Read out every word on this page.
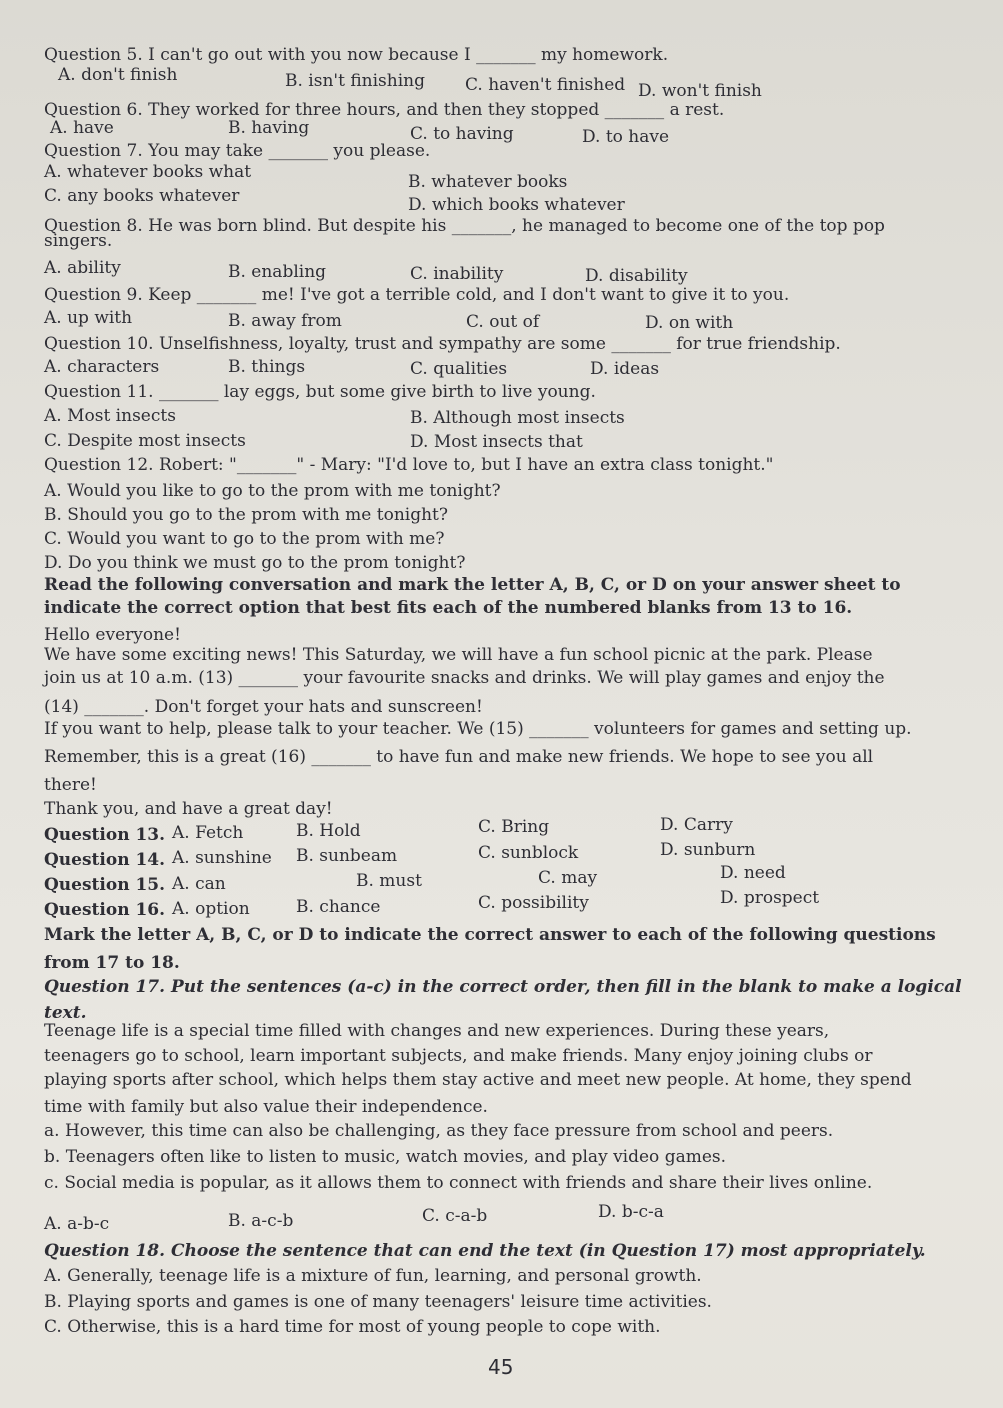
Question 5. I can't go out with you now because I _______ my homework.
A. don't finish	B. isn't finishing C. haven't finished D. won't finish
Question 6. They worked for three hours, and then they stopped _______ a rest.
A. have	B. having	C. to having	D. to have
Question 7. You may take _______ you please.
A. whatever books what	B. whatever books
C. any books whatever	D. which books whatever
Question 8. He was born blind. But despite his _______, he managed to become one of the top pop
singers.
A. ability	B. enabling	C. inability	D. disability
Question 9. Keep _______ me! I've got a terrible cold, and I don't want to give it to you.
A. up with	B. away from	C. out of	D. on with
Question 10. Unselfishness, loyalty, trust and sympathy are some _______ for true friendship.
A. characters	B. things	C. qualities	D. ideas
Question 11. _______ lay eggs, but some give birth to live young.
A. Most insects	B. Although most insects
C. Despite most insects	D. Most insects that
Question 12. Robert: "_______" - Mary: "I'd love to, but I have an extra class tonight."
A. Would you like to go to the prom with me tonight?
B. Should you go to the prom with me tonight?
C. Would you want to go to the prom with me?
D. Do you think we must go to the prom tonight?
Read the following conversation and mark the letter A, B, C, or D on your answer sheet to
indicate the correct option that best fits each of the numbered blanks from 13 to 16.
Hello everyone!
We have some exciting news! This Saturday, we will have a fun school picnic at the park. Please
join us at 10 a.m. (13) _______ your favourite snacks and drinks. We will play games and enjoy the
(14) _______. Don't forget your hats and sunscreen!
If you want to help, please talk to your teacher. We (15) _______ volunteers for games and setting up.
Remember, this is a great (16) _______ to have fun and make new friends. We hope to see you all
there!
Thank you, and have a great day!
Question 13. A. Fetch	B. Hold	C. Bring	D. Carry
Question 14. A. sunshine B. sunbeam	C. sunblock	D. sunburn
Question 15. A. can	B. must	C. may	D. need
Question 16. A. option	B. chance	C. possibility	D. prospect
Mark the letter A, B, C, or D to indicate the correct answer to each of the following questions
from 17 to 18.
Question 17. Put the sentences (a-c) in the correct order, then fill in the blank to make a logical
text.
Teenage life is a special time filled with changes and new experiences. During these years,
teenagers go to school, learn important subjects, and make friends. Many enjoy joining clubs or
playing sports after school, which helps them stay active and meet new people. At home, they spend
time with family but also value their independence.
a. However, this time can also be challenging, as they face pressure from school and peers.
b. Teenagers often like to listen to music, watch movies, and play video games.
c. Social media is popular, as it allows them to connect with friends and share their lives online.
A. a-b-c	B. a-c-b	C. c-a-b	D. b-c-a
Question 18. Choose the sentence that can end the text (in Question 17) most appropriately.
A. Generally, teenage life is a mixture of fun, learning, and personal growth.
B. Playing sports and games is one of many teenagers' leisure time activities.
C. Otherwise, this is a hard time for most of young people to cope with.
45
